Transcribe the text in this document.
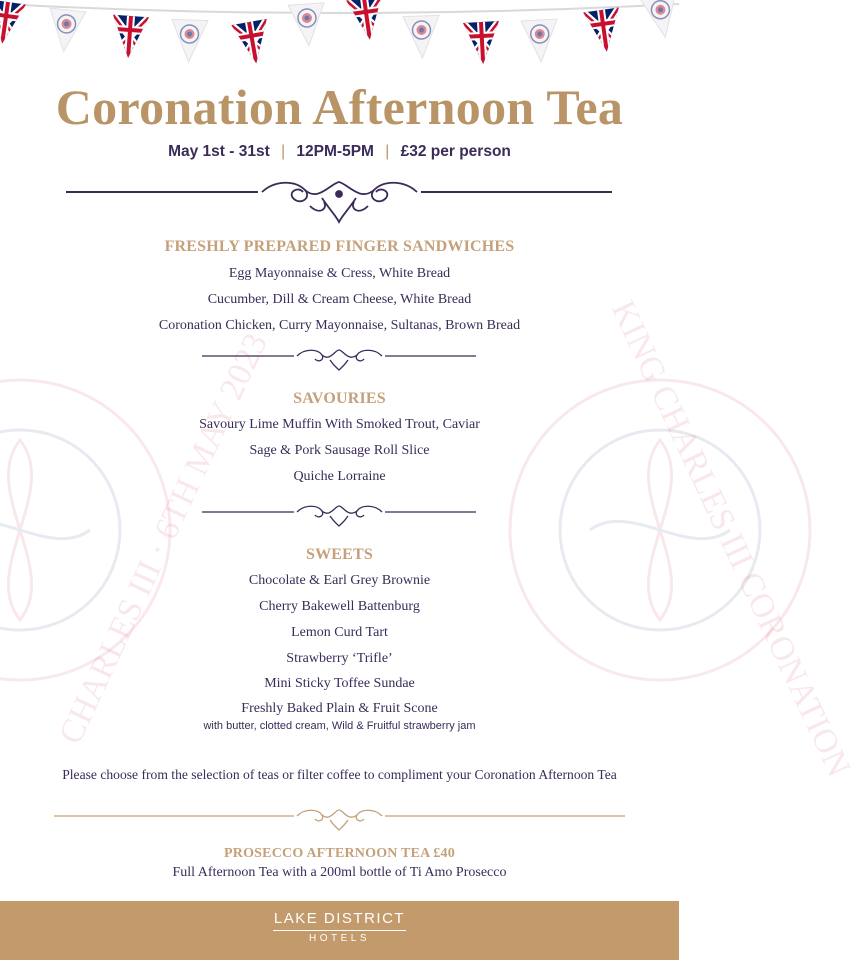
CHARLES III · 6TH MAY 2023	KING CHARLES III CORONATION
Coronation Afternoon Tea
May 1st - 31st | 12PM-5PM | £32 per person
FRESHLY PREPARED FINGER SANDWICHES
Egg Mayonnaise & Cress, White Bread
Cucumber, Dill & Cream Cheese, White Bread
Coronation Chicken, Curry Mayonnaise, Sultanas, Brown Bread
SAVOURIES
Savoury Lime Muffin With Smoked Trout, Caviar
Sage & Pork Sausage Roll Slice
Quiche Lorraine
SWEETS
Chocolate & Earl Grey Brownie
Cherry Bakewell Battenburg
Lemon Curd Tart
Strawberry ‘Trifle’
Mini Sticky Toffee Sundae
Freshly Baked Plain & Fruit Scone
with butter, clotted cream, Wild & Fruitful strawberry jam
Please choose from the selection of teas or filter coffee to compliment your Coronation Afternoon Tea
PROSECCO AFTERNOON TEA £40
Full Afternoon Tea with a 200ml bottle of Ti Amo Prosecco
LAKE DISTRICT
HOTELS
